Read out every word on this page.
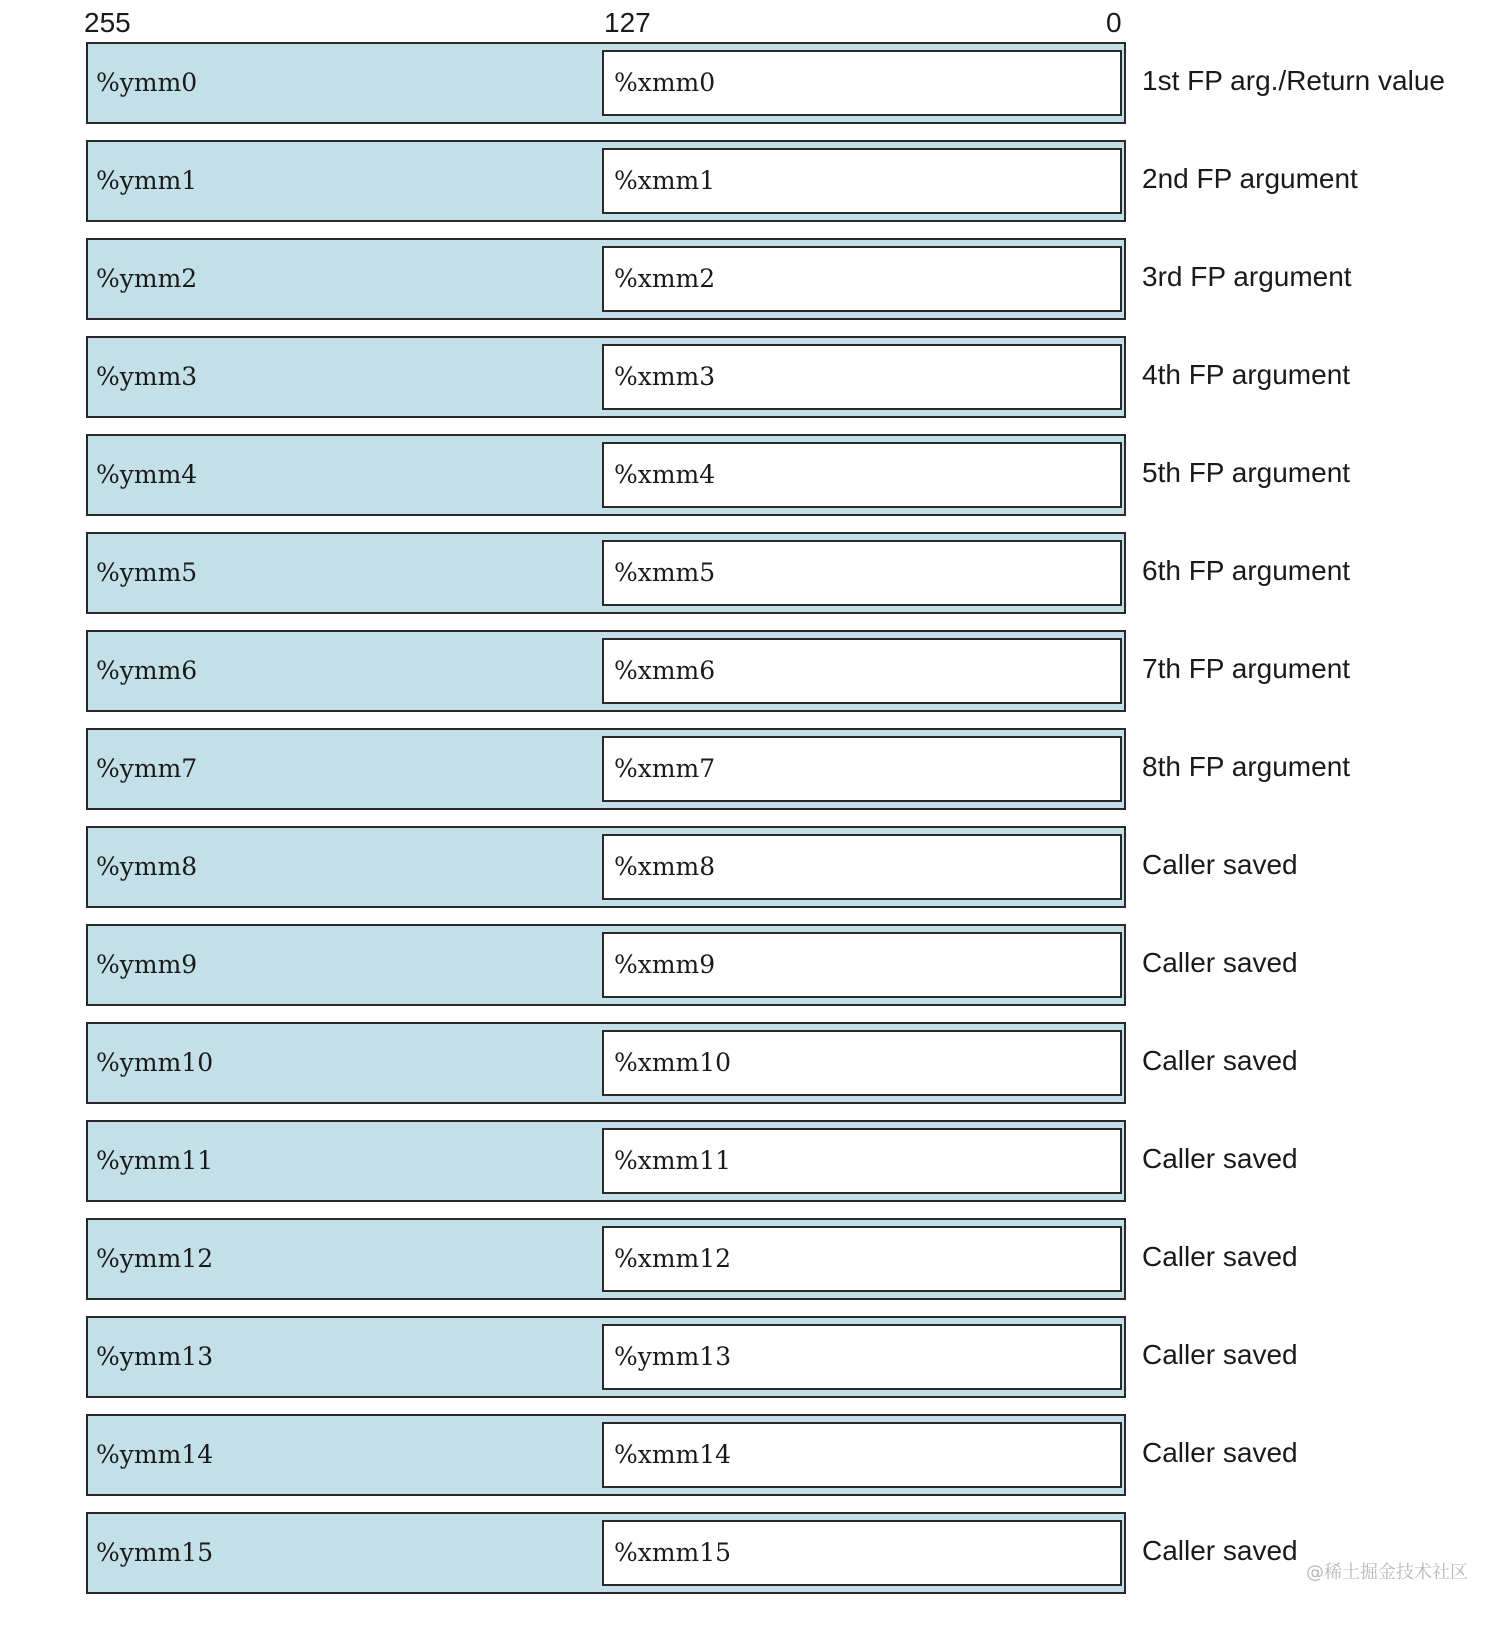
255	127	0
%ymm0	%xmm0	1st FP arg./Return value
%ymm1	%xmm1	2nd FP argument
%ymm2	%xmm2	3rd FP argument
%ymm3	%xmm3	4th FP argument
%ymm4	%xmm4	5th FP argument
%ymm5	%xmm5	6th FP argument
%ymm6	%xmm6	7th FP argument
%ymm7	%xmm7	8th FP argument
%ymm8	%xmm8	Caller saved
%ymm9	%xmm9	Caller saved
%ymm10	%xmm10	Caller saved
%ymm11	%xmm11	Caller saved
%ymm12	%xmm12	Caller saved
%ymm13	%ymm13	Caller saved
%ymm14	%xmm14	Caller saved
%ymm15	%xmm15	Caller saved
@稀土掘金技术社区
